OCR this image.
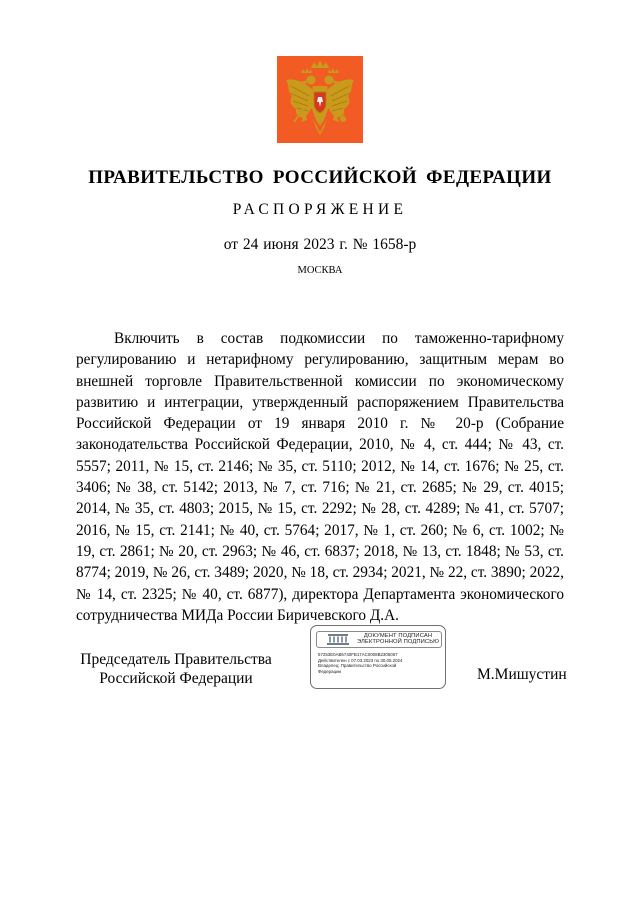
ПРАВИТЕЛЬСТВО РОССИЙСКОЙ ФЕДЕРАЦИИ
РАСПОРЯЖЕНИЕ
от 24 июня 2023 г. № 1658-р
МОСКВА

Включить в состав подкомиссии по таможенно-тарифному регулированию и нетарифному регулированию, защитным мерам во внешней торговле Правительственной комиссии по экономическому развитию и интеграции, утвержденный распоряжением Правительства Российской Федерации от 19 января 2010 г. № 20-р (Собрание законодательства Российской Федерации, 2010, № 4, ст. 444; № 43, ст. 5557; 2011, № 15, ст. 2146; № 35, ст. 5110; 2012, № 14, ст. 1676; № 25, ст. 3406; № 38, ст. 5142; 2013, № 7, ст. 716; № 21, ст. 2685; № 29, ст. 4015; 2014, № 35, ст. 4803; 2015, № 15, ст. 2292; № 28, ст. 4289; № 41, ст. 5707; 2016, № 15, ст. 2141; № 40, ст. 5764; 2017, № 1, ст. 260; № 6, ст. 1002; № 19, ст. 2861; № 20, ст. 2963; № 46, ст. 6837; 2018, № 13, ст. 1848; № 53, ст. 8774; 2019, № 26, ст. 3489; 2020, № 18, ст. 2934; 2021, № 22, ст. 3890; 2022, № 14, ст. 2325; № 40, ст. 6877), директора Департамента экономического сотрудничества МИДа России Биричевского Д.А.

Председатель Правительства
Российской Федерации
ДОКУМЕНТ ПОДПИСАН
ЭЛЕКТРОННОЙ ПОДПИСЬЮ
57253E0AB6740FB17AC0008B2305057
Действителен с 07.03.2023 по 30.05.2024
Владелец: Правительство Российской
Федерации	М.Мишустин
